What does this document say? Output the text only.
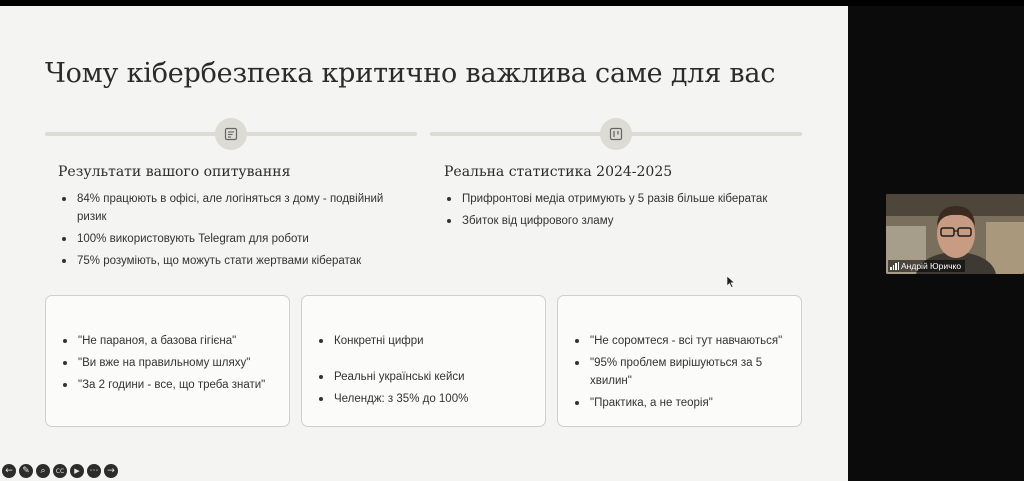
Чому кібербезпека критично важлива саме для вас
Результати вашого опитування	Реальна статистика 2024-2025
84% працюють в офісі, але логіняться з дому - подвійний ризик
100% використовують Telegram для роботи
75% розуміють, що можуть стати жертвами кібератак
Прифронтові медіа отримують у 5 разів більше кібератак
Збиток від цифрового зламу
"Не параноя, а базова гігієна"
"Ви вже на правильному шляху"
"За 2 години - все, що треба знати"
Конкретні цифри
Реальні українські кейси
Челендж: з 35% до 100%
"Не соромтеся - всі тут навчаються"
"95% проблем вирішуються за 5 хвилин"
"Практика, а не теорія"
← ✎ ⌕ CC ▶ ⋯ →
Андрій Юричко
